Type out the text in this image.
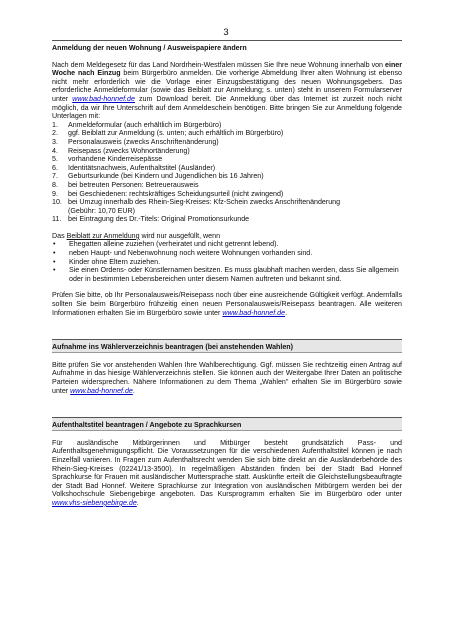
3
Anmeldung der neuen Wohnung / Ausweispapiere ändern

Nach dem Meldegesetz für das Land Nordrhein-Westfalen müssen Sie Ihre neue Wohnung innerhalb von einer Woche nach Einzug beim Bürgerbüro anmelden. Die vorherige Abmeldung Ihrer alten Wohnung ist ebenso nicht mehr erforderlich wie die Vorlage einer Einzugsbestätigung des neuen Wohnungsgebers. Das erforderliche Anmeldeformular (sowie das Beiblatt zur Anmeldung; s. unten) steht in unserem Formularserver unter www.bad-honnef.de zum Download bereit. Die Anmeldung über das Internet ist zurzeit noch nicht möglich, da wir Ihre Unterschrift auf dem Anmeldeschein benötigen. Bitte bringen Sie zur Anmeldung folgende Unterlagen mit:

1.	Anmeldeformular (auch erhältlich im Bürgerbüro)
2.	ggf. Beiblatt zur Anmeldung (s. unten; auch erhältlich im Bürgerbüro)
3.	Personalausweis (zwecks Anschriftenänderung)
4.	Reisepass (zwecks Wohnortänderung)
5.	vorhandene Kinderreisepässe
6.	Identitätsnachweis, Aufenthaltstitel (Ausländer)
7.	Geburtsurkunde (bei Kindern und Jugendlichen bis 16 Jahren)
8.	bei betreuten Personen: Betreuerausweis
9.	bei Geschiedenen: rechtskräftiges Scheidungsurteil (nicht zwingend)
10. bei Umzug innerhalb des Rhein-Sieg-Kreises: Kfz-Schein zwecks Anschriftenänderung
(Gebühr: 10,70 EUR)
11. bei Eintragung des Dr.-Titels: Original Promotionsurkunde

Das Beiblatt zur Anmeldung wird nur ausgefüllt, wenn

•	Ehegatten alleine zuziehen (verheiratet und nicht getrennt lebend).
•	neben Haupt- und Nebenwohnung noch weitere Wohnungen vorhanden sind.
•	Kinder ohne Eltern zuziehen.
•	Sie einen Ordens- oder Künstlernamen besitzen. Es muss glaubhaft machen werden, dass Sie allgemein oder in bestimmten Lebensbereichen unter diesem Namen auftreten und bekannt sind.

Prüfen Sie bitte, ob Ihr Personalausweis/Reisepass noch über eine ausreichende Gültigkeit verfügt. Andernfalls sollten Sie beim Bürgerbüro frühzeitig einen neuen Personalausweis/Reisepass beantragen. Alle weiteren Informationen erhalten Sie im Bürgerbüro sowie unter www.bad-honnef.de.

Aufnahme ins Wählerverzeichnis beantragen (bei anstehenden Wahlen)

Bitte prüfen Sie vor anstehenden Wahlen Ihre Wahlberechtigung. Ggf. müssen Sie rechtzeitig einen Antrag auf Aufnahme in das hiesige Wählerverzeichnis stellen. Sie können auch der Weitergabe Ihrer Daten an politische Parteien widersprechen. Nähere Informationen zu dem Thema „Wahlen" erhalten Sie im Bürgerbüro sowie unter www.bad-honnef.de.

Aufenthaltstitel beantragen / Angebote zu Sprachkursen

Für ausländische Mitbürgerinnen und Mitbürger besteht grundsätzlich Pass- und Aufenthaltsgenehmigungspflicht. Die Voraussetzungen für die verschiedenen Aufenthaltstitel können je nach Einzelfall variieren. In Fragen zum Aufenthaltsrecht wenden Sie sich bitte direkt an die Ausländerbehörde des Rhein-Sieg-Kreises (02241/13-3500). In regelmäßigen Abständen finden bei der Stadt Bad Honnef Sprachkurse für Frauen mit ausländischer Muttersprache statt. Auskünfte erteilt die Gleichstellungsbeauftragte der Stadt Bad Honnef. Weitere Sprachkurse zur Integration von ausländischen Mitbürgern werden bei der Volkshochschule Siebengebirge angeboten. Das Kursprogramm erhalten Sie im Bürgerbüro oder unter www.vhs-siebengebirge.de.
